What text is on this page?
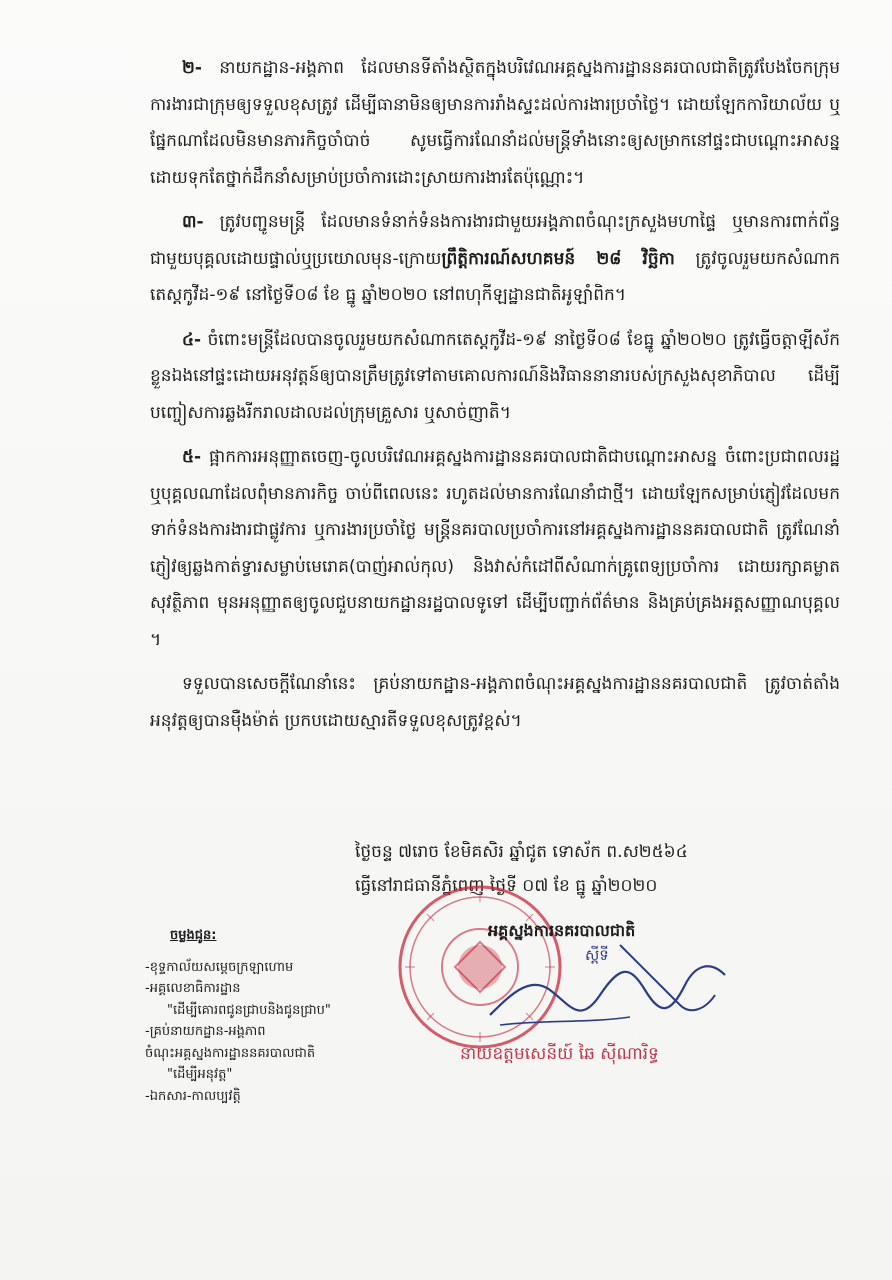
២- នាយកដ្ឋាន-អង្គភាព ដែលមានទីតាំងស្ថិតក្នុងបរិវេណអគ្គស្នងការដ្ឋាននគរបាលជាតិត្រូវបែងចែកក្រុមការងារជាក្រុមឲ្យទទួលខុសត្រូវ ដើម្បីធានាមិនឲ្យមានការរាំងស្ទះដល់ការងារប្រចាំថ្ងៃ។ ដោយឡែកការិយាល័យ ឬផ្នែកណាដែលមិនមានភារកិច្ចចាំបាច់ សូមធ្វើការណែនាំដល់មន្ត្រីទាំងនោះឲ្យសម្រាកនៅផ្ទះជាបណ្ដោះអាសន្ន ដោយទុកតែថ្នាក់ដឹកនាំសម្រាប់ប្រចាំការដោះស្រាយការងារតែប៉ុណ្ណោះ។

៣- ត្រូវបញ្ជូនមន្ត្រី ដែលមានទំនាក់ទំនងការងារជាមួយអង្គភាពចំណុះក្រសួងមហាផ្ទៃ ឬមានការពាក់ព័ន្ធជាមួយបុគ្គលដោយផ្ទាល់ឬប្រយោលមុន-ក្រោយព្រឹត្តិការណ៍សហគមន៍ ២៨ វិច្ឆិកា ត្រូវចូលរួមយកសំណាកតេស្តកូវីដ-១៩ នៅថ្ងៃទី០៨ ខែ ធ្នូ ឆ្នាំ២០២០ នៅពហុកីឡដ្ឋានជាតិអូឡាំពិក។

៤- ចំពោះមន្ត្រីដែលបានចូលរួមយកសំណាកតេស្តកូវីដ-១៩ នាថ្ងៃទី០៨ ខែធ្នូ ឆ្នាំ២០២០ ត្រូវធ្វើចត្តាឡីស័កខ្លួនឯងនៅផ្ទះដោយអនុវត្តន៍ឲ្យបានត្រឹមត្រូវទៅតាមគោលការណ៍និងវិធាននានារបស់ក្រសួងសុខាភិបាល ដើម្បីបញ្ចៀសការឆ្លងរីករាលដាលដល់ក្រុមគ្រួសារ ឬសាច់ញាតិ។

៥- ផ្អាកការអនុញ្ញាតចេញ-ចូលបរិវេណអគ្គស្នងការដ្ឋាននគរបាលជាតិជាបណ្ដោះអាសន្ន ចំពោះប្រជាពលរដ្ឋ ឬបុគ្គលណាដែលពុំមានភារកិច្ច ចាប់ពីពេលនេះ រហូតដល់មានការណែនាំជាថ្មី។ ដោយឡែកសម្រាប់ភ្ញៀវដែលមកទាក់ទំនងការងារជាផ្លូវការ ឬការងារប្រចាំថ្ងៃ មន្ត្រីនគរបាលប្រចាំការនៅអគ្គស្នងការដ្ឋាននគរបាលជាតិ ត្រូវណែនាំភ្ញៀវឲ្យឆ្លងកាត់ទ្វារសម្លាប់មេរោគ(បាញ់អាល់កុល) និងវាស់កំដៅពីសំណាក់គ្រូពេទ្យប្រចាំការ ដោយរក្សាគម្លាតសុវត្ថិភាព មុនអនុញ្ញាតឲ្យចូលជួបនាយកដ្ឋានរដ្ឋបាលទូទៅ ដើម្បីបញ្ជាក់ព័ត៌មាន និងគ្រប់គ្រងអត្តសញ្ញាណបុគ្គល ។

ទទួលបានសេចក្ដីណែនាំនេះ គ្រប់នាយកដ្ឋាន-អង្គភាពចំណុះអគ្គស្នងការដ្ឋាននគរបាលជាតិ ត្រូវចាត់តាំងអនុវត្តឲ្យបានម៉ឺងម៉ាត់ ប្រកបដោយស្មារតីទទួលខុសត្រូវខ្ពស់។

ថ្ងៃចន្ទ ៧រោច ខែមិគសិរ ឆ្នាំជូត ទោស័ក ព.ស២៥៦៤
ធ្វើនៅរាជធានីភ្នំពេញ ថ្ងៃទី ០៧ ខែ ធ្នូ ឆ្នាំ២០២០
អគ្គស្នងការនគរបាលជាតិ
ស្ដីទី
នាយឧត្តមសេនីយ៍ ឆៃ ស៊ីណារិទ្ធ
ចម្លងជូន:
-ខុទ្ទកាល័យសម្ដេចក្រឡាហោម
-អគ្គលេខាធិការដ្ឋាន
"ដើម្បីគោរពជូនជ្រាបនិងជូនជ្រាប"
-គ្រប់នាយកដ្ឋាន-អង្គភាព
ចំណុះអគ្គស្នងការដ្ឋាននគរបាលជាតិ
"ដើម្បីអនុវត្ត"
-ឯកសារ-កាលប្បវត្តិ
